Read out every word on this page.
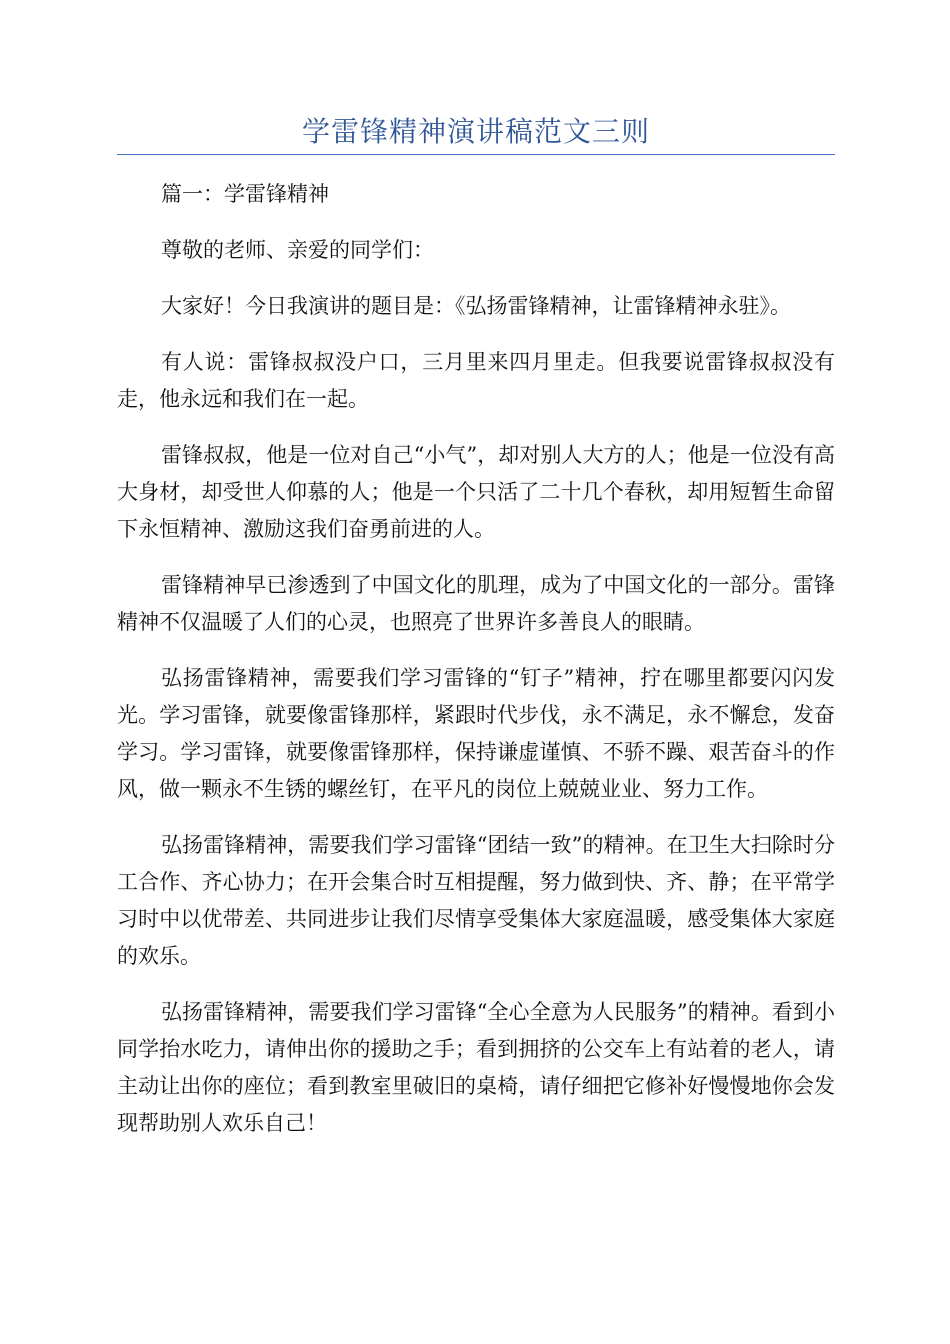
学雷锋精神演讲稿范文三则

篇一：学雷锋精神

尊敬的老师、亲爱的同学们：

大家好！今日我演讲的题目是：《弘扬雷锋精神，让雷锋精神永驻》。

有人说：雷锋叔叔没户口，三月里来四月里走。但我要说雷锋叔叔没有走，他永远和我们在一起。

雷锋叔叔，他是一位对自己“小气”，却对别人大方的人；他是一位没有高大身材，却受世人仰慕的人；他是一个只活了二十几个春秋，却用短暂生命留下永恒精神、激励这我们奋勇前进的人。

雷锋精神早已渗透到了中国文化的肌理，成为了中国文化的一部分。雷锋精神不仅温暖了人们的心灵，也照亮了世界许多善良人的眼睛。

弘扬雷锋精神，需要我们学习雷锋的“钉子”精神，拧在哪里都要闪闪发光。学习雷锋，就要像雷锋那样，紧跟时代步伐，永不满足，永不懈怠，发奋学习。学习雷锋，就要像雷锋那样，保持谦虚谨慎、不骄不躁、艰苦奋斗的作风，做一颗永不生锈的螺丝钉，在平凡的岗位上兢兢业业、努力工作。

弘扬雷锋精神，需要我们学习雷锋“团结一致”的精神。在卫生大扫除时分工合作、齐心协力；在开会集合时互相提醒，努力做到快、齐、静；在平常学习时中以优带差、共同进步让我们尽情享受集体大家庭温暖，感受集体大家庭的欢乐。

弘扬雷锋精神，需要我们学习雷锋“全心全意为人民服务”的精神。看到小同学抬水吃力，请伸出你的援助之手；看到拥挤的公交车上有站着的老人，请主动让出你的座位；看到教室里破旧的桌椅，请仔细把它修补好慢慢地你会发现帮助别人欢乐自己！
